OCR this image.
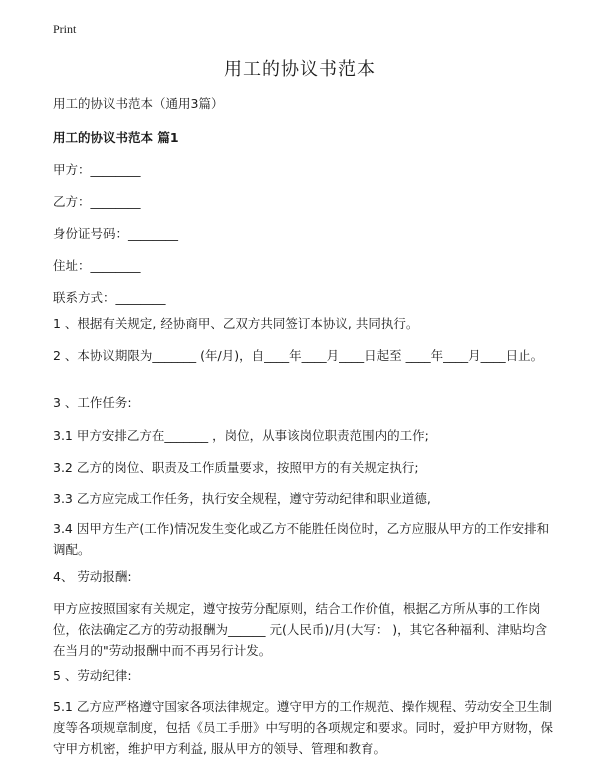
Print
用工的协议书范本
用工的协议书范本（通用3篇）
用工的协议书范本 篇1
甲方：________
乙方：________
身份证号码：________
住址：________
联系方式：________
1 、根据有关规定, 经协商甲、乙双方共同签订本协议, 共同执行。
2 、本协议期限为_______ (年/月)，自____年____月____日起至 ____年____月____日止。
3 、工作任务:
3.1 甲方安排乙方在_______ ，岗位，从事该岗位职责范围内的工作;
3.2 乙方的岗位、职责及工作质量要求，按照甲方的有关规定执行;
3.3 乙方应完成工作任务，执行安全规程，遵守劳动纪律和职业道德,
3.4 因甲方生产(工作)情况发生变化或乙方不能胜任岗位时，乙方应服从甲方的工作安排和调配。
4、 劳动报酬:
甲方应按照国家有关规定，遵守按劳分配原则，结合工作价值，根据乙方所从事的工作岗位，依法确定乙方的劳动报酬为______ 元(人民币)/月(大写： )，其它各种福利、津贴均含在当月的"劳动报酬中而不再另行计发。
5 、劳动纪律:
5.1 乙方应严格遵守国家各项法律规定。遵守甲方的工作规范、操作规程、劳动安全卫生制度等各项规章制度，包括《员工手册》中写明的各项规定和要求。同时，爱护甲方财物，保守甲方机密，维护甲方利益, 服从甲方的领导、管理和教育。
